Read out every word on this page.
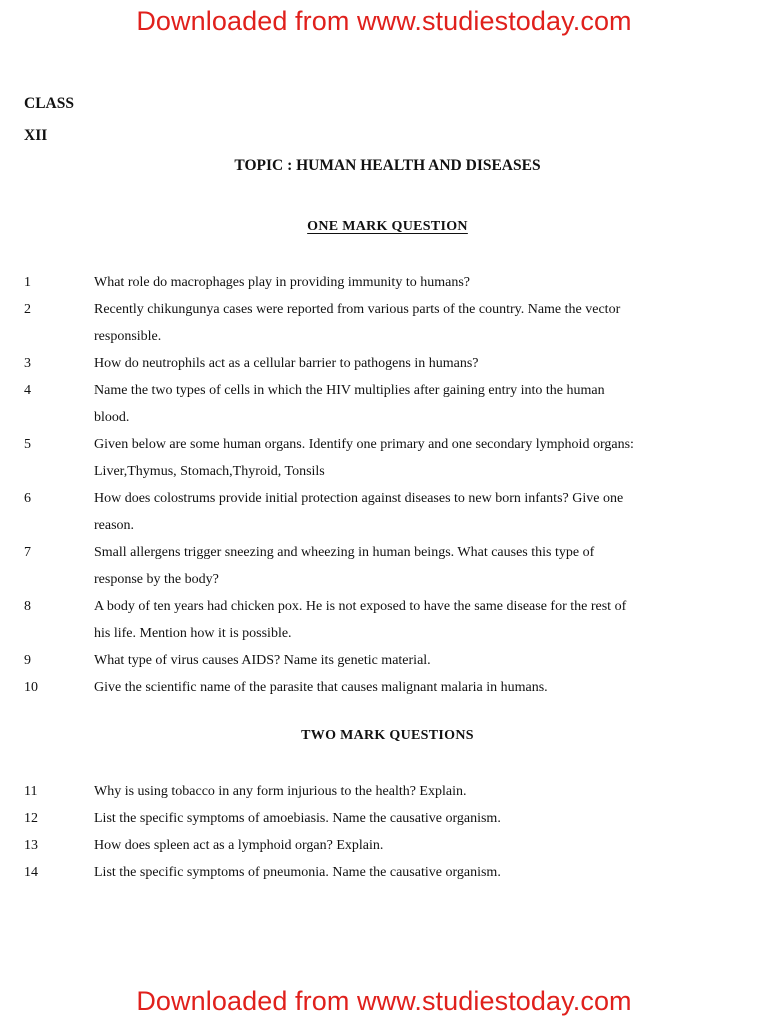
Downloaded from www.studiestoday.com
CLASS
XII
TOPIC : HUMAN HEALTH AND DISEASES
ONE MARK QUESTION
1	What role do macrophages play in providing immunity to humans?
2	Recently chikungunya cases were reported from various parts of the country. Name the vector
responsible.
3	How do neutrophils act as a cellular barrier to pathogens in humans?
4	Name the two types of cells in which the HIV multiplies after gaining entry into the human
blood.
5	Given below are some human organs. Identify one primary and one secondary lymphoid organs:
Liver,Thymus, Stomach,Thyroid, Tonsils
6	How does colostrums provide initial protection against diseases to new born infants? Give one
reason.
7	Small allergens trigger sneezing and wheezing in human beings. What causes this type of
response by the body?
8	A body of ten years had chicken pox. He is not exposed to have the same disease for the rest of
his life. Mention how it is possible.
9	What type of virus causes AIDS? Name its genetic material.
10	Give the scientific name of the parasite that causes malignant malaria in humans.
TWO MARK QUESTIONS
11	Why is using tobacco in any form injurious to the health? Explain.
12	List the specific symptoms of amoebiasis. Name the causative organism.
13	How does spleen act as a lymphoid organ? Explain.
14	List the specific symptoms of pneumonia. Name the causative organism.
Downloaded from www.studiestoday.com
